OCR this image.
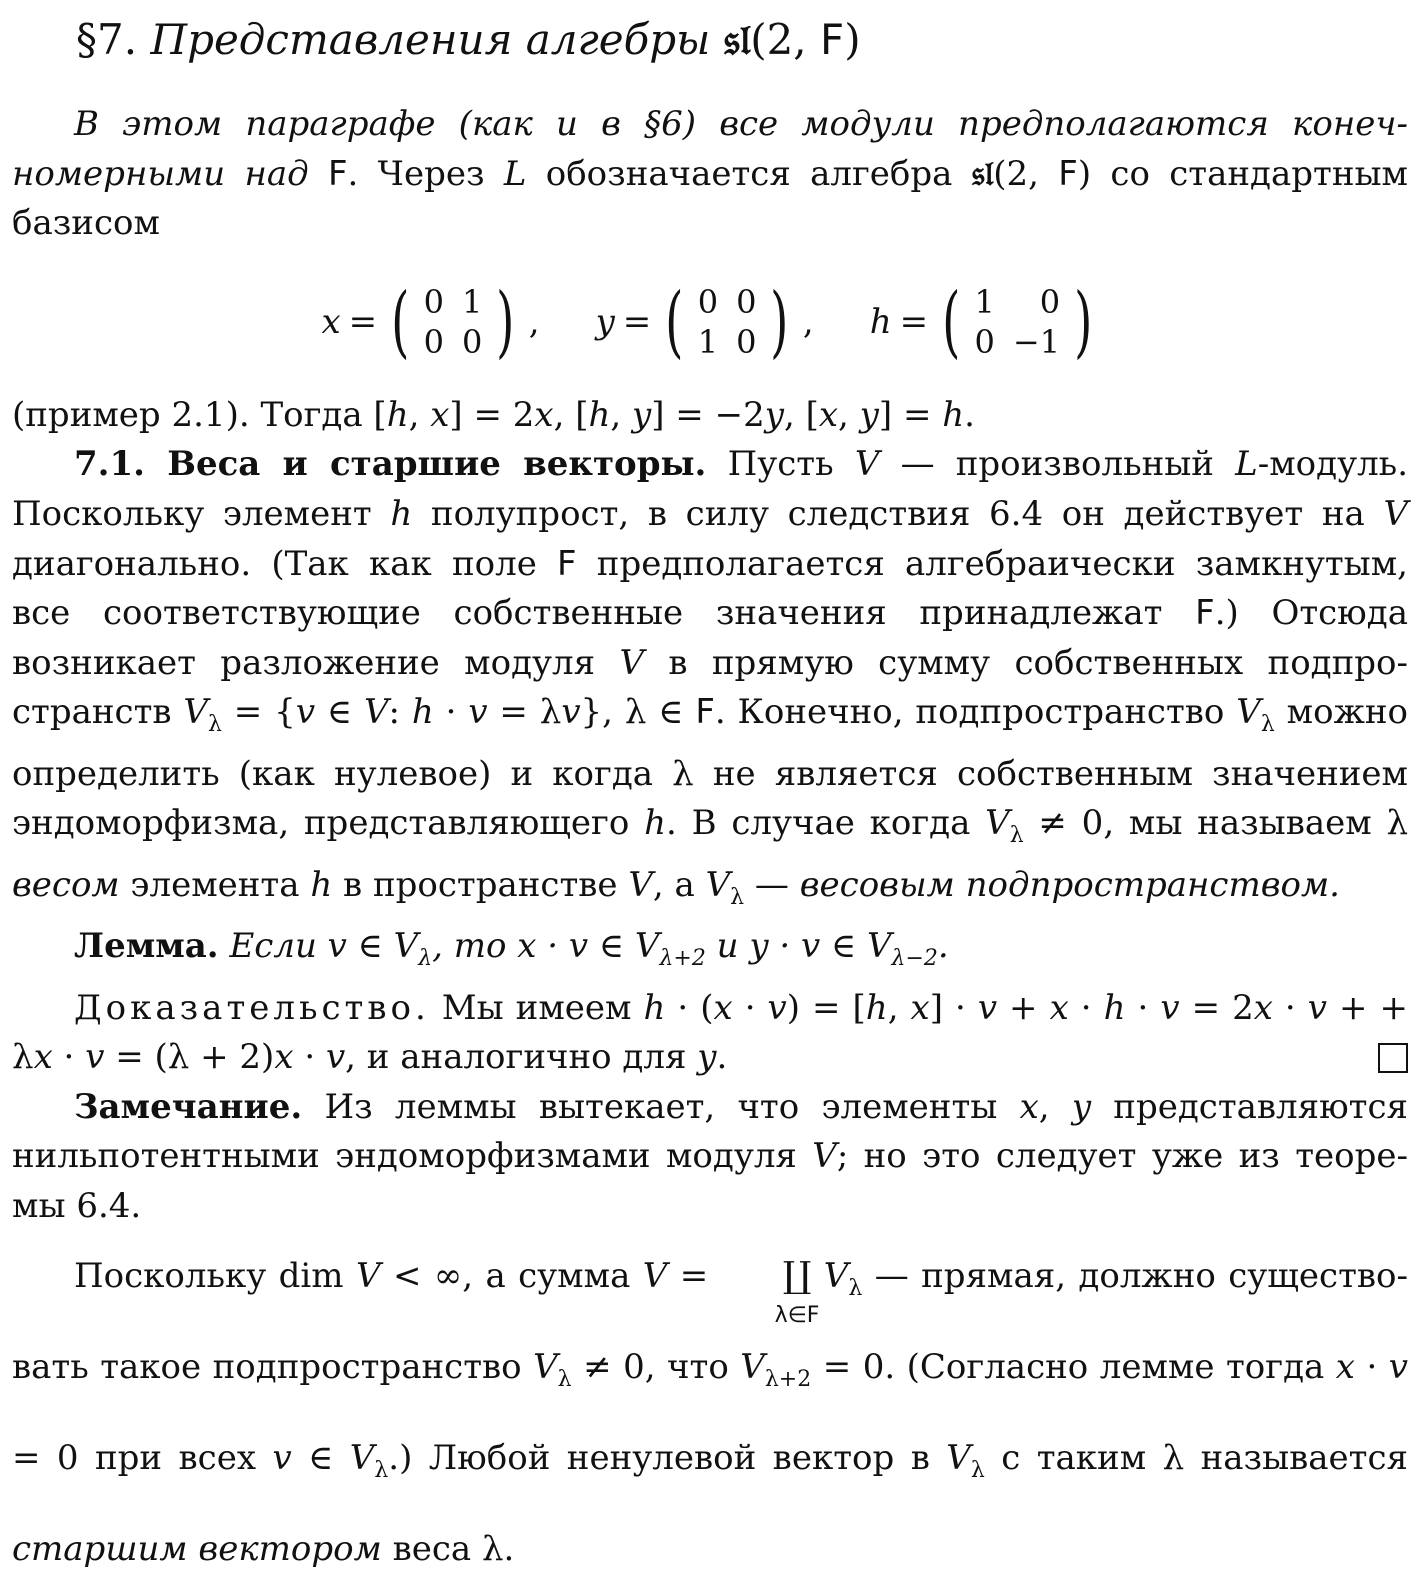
§7. Представления алгебры 𝔰𝔩(2, F)

В этом параграфе (как и в §6) все модули предполагаются конечномерными над F. Через L обозначается алгебра 𝔰𝔩(2, F) со стандартным базисом

x = ( 0 1
0 0 ) , y = ( 0 0
1 0 ) , h = ( 1	0
0 −1 )

(пример 2.1). Тогда [h, x] = 2x, [h, y] = −2y, [x, y] = h.

7.1. Веса и старшие векторы. Пусть V — произвольный L-модуль. Поскольку элемент h полупрост, в силу следствия 6.4 он действует на V диагонально. (Так как поле F предполагается алгебраически замкнутым, все соответствующие собственные значения принадлежат F.) Отсюда возникает разложение модуля V в прямую сумму собственных подпространств $V_\lambda = \{v$ ∈ V: h · v = λv}, λ ∈ F. Конечно, подпространство $V_\lambda$ можно определить (как нулевое) и когда λ не является собственным значением эндоморфизма, представляющего h. В случае когда $V_\lambda \ne 0$, мы называем λ весом элемента h в пространстве V, а $V_\lambda$ — весовым подпространством.

Лемма. Если v ∈ $V_\lambda$, то x · v ∈ $V_{\lambda+2}$ и y · v ∈ $V_{\lambda-2}$.

Доказательство. Мы имеем h · (x · v) = [h, x] · v + x · h · v = 2x · v + + λx · v = (λ + 2)x · v, и аналогично для y.

Замечание. Из леммы вытекает, что элементы x, y представляются нильпотентными эндоморфизмами модуля V; но это следует уже из теоремы 6.4.

Поскольку dim V < ∞, а сумма V = ∐
λ∈F
$V_\lambda$ — прямая, должно существовать такое подпространство $V_\lambda \ne 0$, что $V_{\lambda+2} = 0$. (Согласно лемме тогда x · v = 0 при всех v ∈ $V_\lambda$.) Любой ненулевой вектор в $V_\lambda$ с таким λ называется старшим вектором веса λ.
